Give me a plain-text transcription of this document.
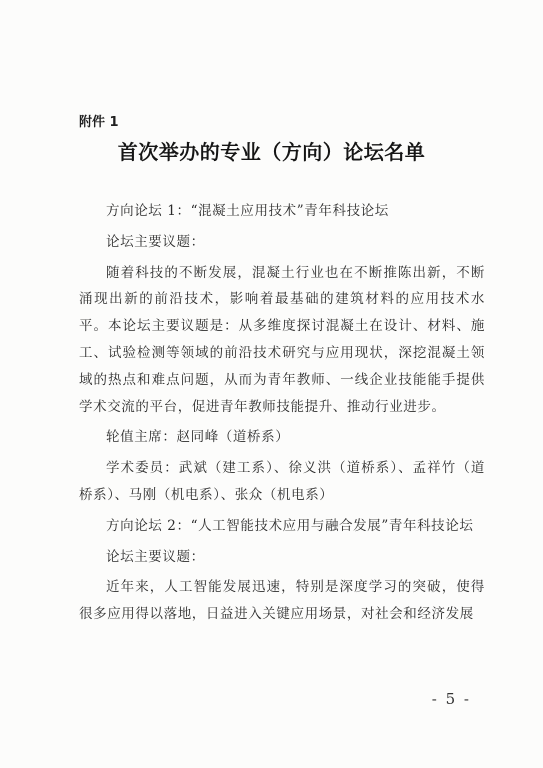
附件 1
首次举办的专业（方向）论坛名单

方向论坛 1：“混凝土应用技术”青年科技论坛

论坛主要议题：

随着科技的不断发展，混凝土行业也在不断推陈出新，不断涌现出新的前沿技术，影响着最基础的建筑材料的应用技术水平。本论坛主要议题是：从多维度探讨混凝土在设计、材料、施工、试验检测等领域的前沿技术研究与应用现状，深挖混凝土领域的热点和难点问题，从而为青年教师、一线企业技能能手提供学术交流的平台，促进青年教师技能提升、推动行业进步。

轮值主席：赵同峰（道桥系）

学术委员：武斌（建工系）、徐义洪（道桥系）、孟祥竹（道桥系）、马刚（机电系）、张众（机电系）

方向论坛 2：“人工智能技术应用与融合发展”青年科技论坛

论坛主要议题：

近年来，人工智能发展迅速，特别是深度学习的突破，使得很多应用得以落地，日益进入关键应用场景，对社会和经济发展

- 5 -
